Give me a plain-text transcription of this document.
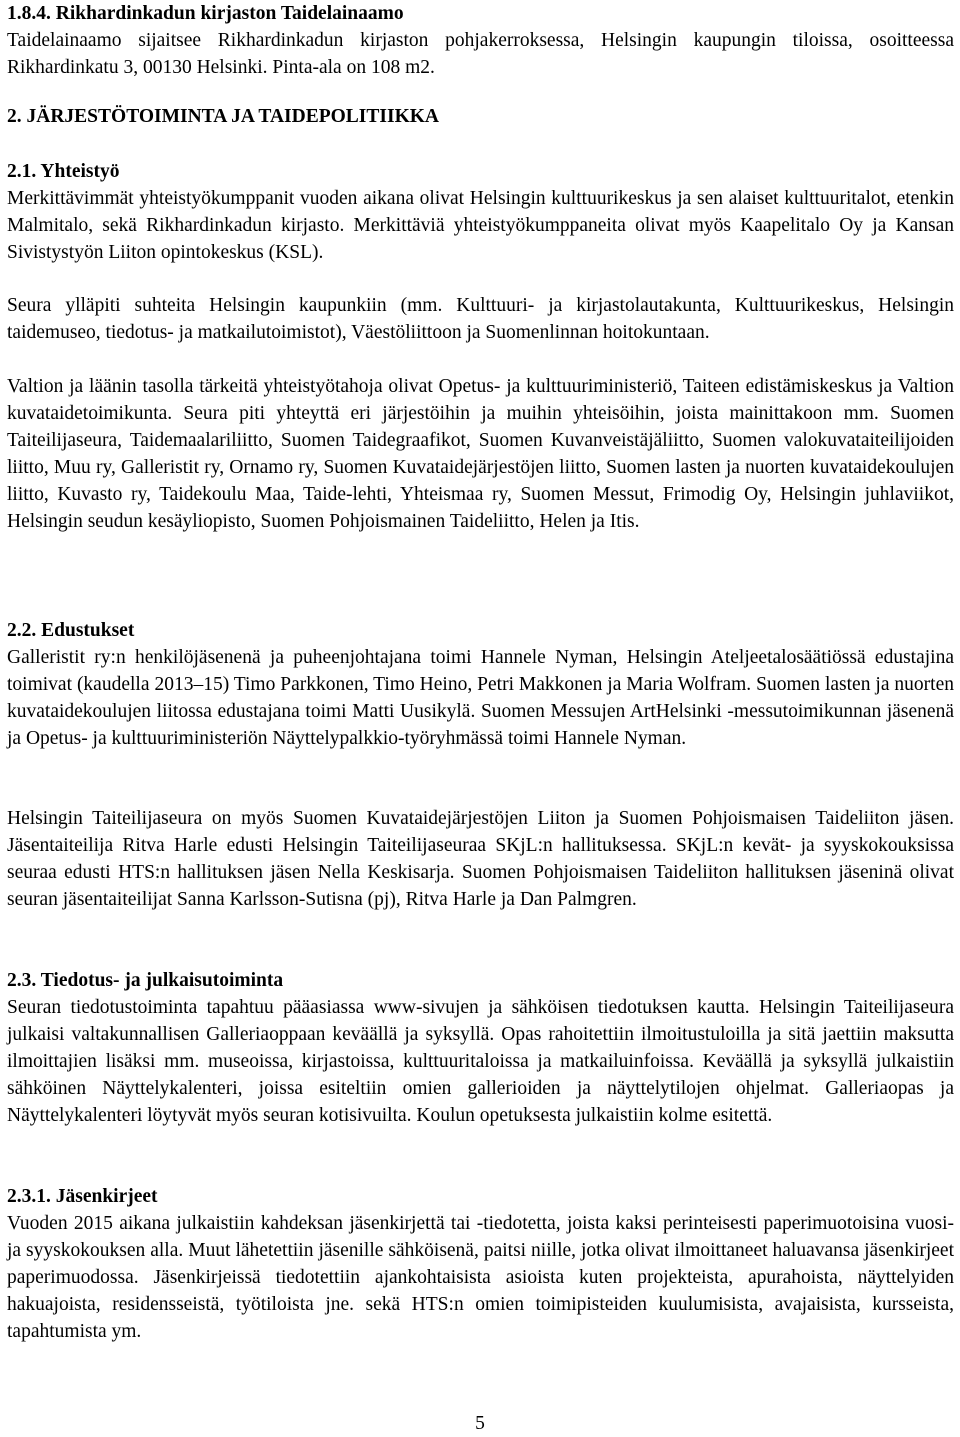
1.8.4. Rikhardinkadun kirjaston Taidelainaamo

Taidelainaamo sijaitsee Rikhardinkadun kirjaston pohjakerroksessa, Helsingin kaupungin tiloissa, osoitteessa Rikhardinkatu 3, 00130 Helsinki. Pinta-ala on 108 m2.

2. JÄRJESTÖTOIMINTA JA TAIDEPOLITIIKKA

2.1. Yhteistyö

Merkittävimmät yhteistyökumppanit vuoden aikana olivat Helsingin kulttuurikeskus ja sen alaiset kulttuuritalot, etenkin Malmitalo, sekä Rikhardinkadun kirjasto. Merkittäviä yhteistyökumppaneita olivat myös Kaapelitalo Oy ja Kansan Sivistystyön Liiton opintokeskus (KSL).

Seura ylläpiti suhteita Helsingin kaupunkiin (mm. Kulttuuri- ja kirjastolautakunta, Kulttuurikeskus, Helsingin taidemuseo, tiedotus- ja matkailutoimistot), Väestöliittoon ja Suomenlinnan hoitokuntaan.

Valtion ja läänin tasolla tärkeitä yhteistyötahoja olivat Opetus- ja kulttuuriministeriö, Taiteen edistämiskeskus ja Valtion kuvataidetoimikunta. Seura piti yhteyttä eri järjestöihin ja muihin yhteisöihin, joista mainittakoon mm. Suomen Taiteilijaseura, Taidemaalariliitto, Suomen Taidegraafikot, Suomen Kuvanveistäjäliitto, Suomen valokuvataiteilijoiden liitto, Muu ry, Galleristit ry, Ornamo ry, Suomen Kuvataidejärjestöjen liitto, Suomen lasten ja nuorten kuvataidekoulujen liitto, Kuvasto ry, Taidekoulu Maa, Taide-lehti, Yhteismaa ry, Suomen Messut, Frimodig Oy, Helsingin juhlaviikot, Helsingin seudun kesäyliopisto, Suomen Pohjoismainen Taideliitto, Helen ja Itis.

2.2. Edustukset

Galleristit ry:n henkilöjäsenenä ja puheenjohtajana toimi Hannele Nyman, Helsingin Ateljeetalosäätiössä edustajina toimivat (kaudella 2013–15) Timo Parkkonen, Timo Heino, Petri Makkonen ja Maria Wolfram. Suomen lasten ja nuorten kuvataidekoulujen liitossa edustajana toimi Matti Uusikylä. Suomen Messujen ArtHelsinki -messutoimikunnan jäsenenä ja Opetus- ja kulttuuriministeriön Näyttelypalkkio-työryhmässä toimi Hannele Nyman.

Helsingin Taiteilijaseura on myös Suomen Kuvataidejärjestöjen Liiton ja Suomen Pohjoismaisen Taideliiton jäsen. Jäsentaiteilija Ritva Harle edusti Helsingin Taiteilijaseuraa SKjL:n hallituksessa. SKjL:n kevät- ja syyskokouksissa seuraa edusti HTS:n hallituksen jäsen Nella Keskisarja. Suomen Pohjoismaisen Taideliiton hallituksen jäseninä olivat seuran jäsentaiteilijat Sanna Karlsson-Sutisna (pj), Ritva Harle ja Dan Palmgren.

2.3. Tiedotus- ja julkaisutoiminta

Seuran tiedotustoiminta tapahtuu pääasiassa www-sivujen ja sähköisen tiedotuksen kautta. Helsingin Taiteilijaseura julkaisi valtakunnallisen Galleriaoppaan keväällä ja syksyllä. Opas rahoitettiin ilmoitustuloilla ja sitä jaettiin maksutta ilmoittajien lisäksi mm. museoissa, kirjastoissa, kulttuuritaloissa ja matkailuinfoissa. Keväällä ja syksyllä julkaistiin sähköinen Näyttelykalenteri, joissa esiteltiin omien gallerioiden ja näyttelytilojen ohjelmat. Galleriaopas ja Näyttelykalenteri löytyvät myös seuran kotisivuilta. Koulun opetuksesta julkaistiin kolme esitettä.

2.3.1. Jäsenkirjeet

Vuoden 2015 aikana julkaistiin kahdeksan jäsenkirjettä tai -tiedotetta, joista kaksi perinteisesti paperimuotoisina vuosi- ja syyskokouksen alla. Muut lähetettiin jäsenille sähköisenä, paitsi niille, jotka olivat ilmoittaneet haluavansa jäsenkirjeet paperimuodossa. Jäsenkirjeissä tiedotettiin ajankohtaisista asioista kuten projekteista, apurahoista, näyttelyiden hakuajoista, residensseistä, työtiloista jne. sekä HTS:n omien toimipisteiden kuulumisista, avajaisista, kursseista, tapahtumista ym.

5
